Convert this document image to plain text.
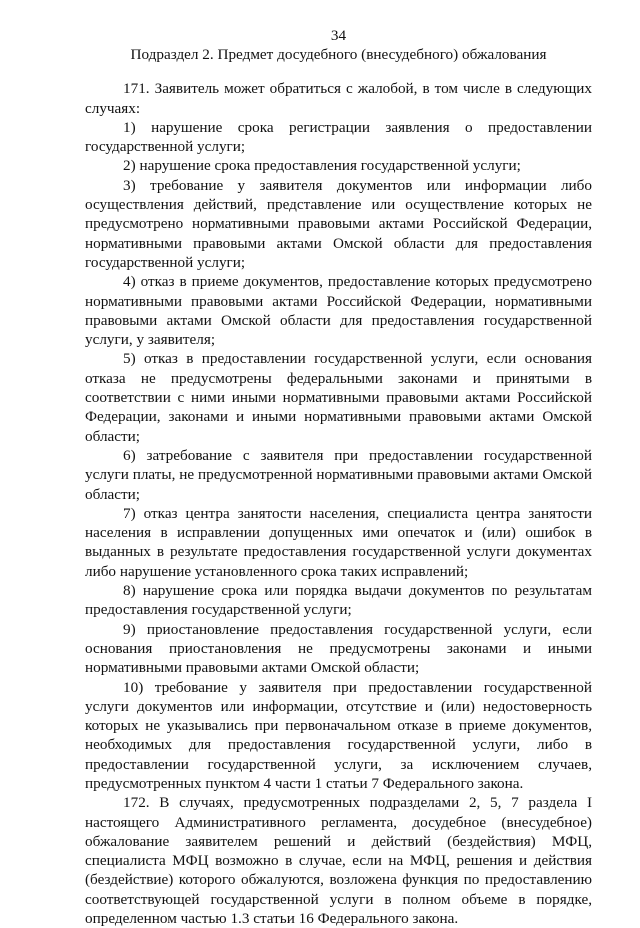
34
Подраздел 2. Предмет досудебного (внесудебного) обжалования

171. Заявитель может обратиться с жалобой, в том числе в следующих случаях:

1) нарушение срока регистрации заявления о предоставлении государственной услуги;

2) нарушение срока предоставления государственной услуги;

3) требование у заявителя документов или информации либо осуществления действий, представление или осуществление которых не предусмотрено нормативными правовыми актами Российской Федерации, нормативными правовыми актами Омской области для предоставления государственной услуги;

4) отказ в приеме документов, предоставление которых предусмотрено нормативными правовыми актами Российской Федерации, нормативными правовыми актами Омской области для предоставления государственной услуги, у заявителя;

5) отказ в предоставлении государственной услуги, если основания отказа не предусмотрены федеральными законами и принятыми в соответствии с ними иными нормативными правовыми актами Российской Федерации, законами и иными нормативными правовыми актами Омской области;

6) затребование с заявителя при предоставлении государственной услуги платы, не предусмотренной нормативными правовыми актами Омской области;

7) отказ центра занятости населения, специалиста центра занятости населения в исправлении допущенных ими опечаток и (или) ошибок в выданных в результате предоставления государственной услуги документах либо нарушение установленного срока таких исправлений;

8) нарушение срока или порядка выдачи документов по результатам предоставления государственной услуги;

9) приостановление предоставления государственной услуги, если основания приостановления не предусмотрены законами и иными нормативными правовыми актами Омской области;

10) требование у заявителя при предоставлении государственной услуги документов или информации, отсутствие и (или) недостоверность которых не указывались при первоначальном отказе в приеме документов, необходимых для предоставления государственной услуги, либо в предоставлении государственной услуги, за исключением случаев, предусмотренных пунктом 4 части 1 статьи 7 Федерального закона.

172. В случаях, предусмотренных подразделами 2, 5, 7 раздела I настоящего Административного регламента, досудебное (внесудебное) обжалование заявителем решений и действий (бездействия) МФЦ, специалиста МФЦ возможно в случае, если на МФЦ, решения и действия (бездействие) которого обжалуются, возложена функция по предоставлению соответствующей государственной услуги в полном объеме в порядке, определенном частью 1.3 статьи 16 Федерального закона.
